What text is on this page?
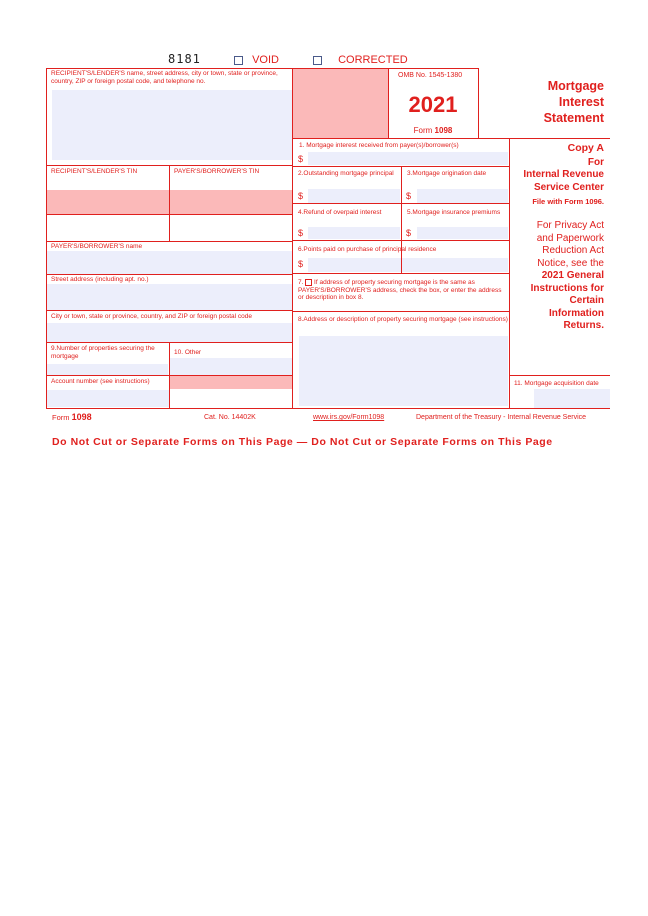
8181	VOID	CORRECTED
RECIPIENT'S/LENDER'S name, street address, city or town, state or province, country, ZIP or foreign postal code, and telephone no.
OMB No. 1545-1380
2021
Form 1098
RECIPIENT'S/LENDER'S TIN	PAYER'S/BORROWER'S TIN
PAYER'S/BORROWER'S name
Street address (including apt. no.)
City or town, state or province, country, and ZIP or foreign postal code
9.Number of properties securing the mortgage	10. Other
Account number (see instructions)
1. Mortgage interest received from payer(s)/borrower(s)
$
2.Outstanding mortgage principal
$
3.Mortgage origination date
$
4.Refund of overpaid interest
$
5.Mortgage insurance premiums
$
6.Points paid on purchase of principal residence
$
7. If address of property securing mortgage is the same as PAYER'S/BORROWER'S address, check the box, or enter the address or description in box 8.
8.Address or description of property securing mortgage (see instructions)
11. Mortgage acquisition date
Mortgage
Interest
Statement
Copy A
For
Internal Revenue
Service Center
File with Form 1096.
For Privacy Act
and Paperwork
Reduction Act
Notice, see the
2021 General
Instructions for
Certain
Information
Returns.
Form 1098	Cat. No. 14402K	www.irs.gov/Form1098	Department of the Treasury - Internal Revenue Service
Do Not Cut or Separate Forms on This Page — Do Not Cut or Separate Forms on This Page
